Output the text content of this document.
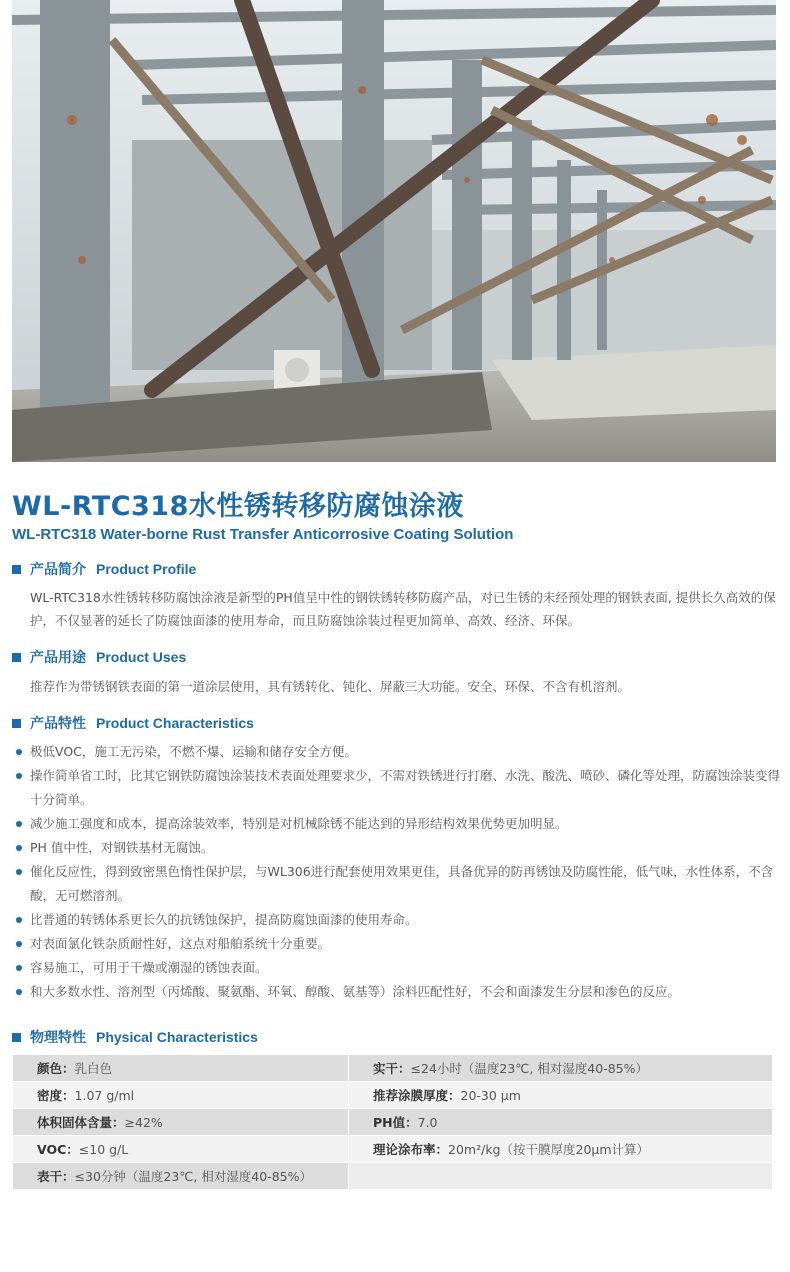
WL-RTC318水性锈转移防腐蚀涂液
WL-RTC318 Water-borne Rust Transfer Anticorrosive Coating Solution
产品简介 Product Profile

WL-RTC318水性锈转移防腐蚀涂液是新型的PH值呈中性的钢铁锈转移防腐产品，对已生锈的未经预处理的钢铁表面, 提供长久高效的保护，不仅显著的延长了防腐蚀面漆的使用寿命，而且防腐蚀涂装过程更加简单、高效、经济、环保。

产品用途 Product Uses

推荐作为带锈钢铁表面的第一道涂层使用，具有锈转化、钝化、屏蔽三大功能。安全、环保、不含有机溶剂。

产品特性 Product Characteristics
极低VOC，施工无污染，不燃不爆、运输和储存安全方便。
操作简单省工时，比其它钢铁防腐蚀涂装技术表面处理要求少，不需对铁锈进行打磨、水洗、酸洗、喷砂、磷化等处理，防腐蚀涂装变得十分简单。
减少施工强度和成本，提高涂装效率，特别是对机械除锈不能达到的异形结构效果优势更加明显。
PH 值中性，对钢铁基材无腐蚀。
催化反应性，得到致密黑色惰性保护层，与WL306进行配套使用效果更佳，具备优异的防再锈蚀及防腐性能，低气味，水性体系，不含酸，无可燃溶剂。
比普通的转锈体系更长久的抗锈蚀保护，提高防腐蚀面漆的使用寿命。
对表面氯化铁杂质耐性好，这点对船舶系统十分重要。
容易施工，可用于干燥或潮湿的锈蚀表面。
和大多数水性、溶剂型（丙烯酸、聚氨酯、环氧、醇酸、氨基等）涂料匹配性好，不会和面漆发生分层和渗色的反应。
物理特性 Physical Characteristics
颜色：乳白色	实干：≤24小时（温度23℃, 相对湿度40-85%）
密度：1.07 g/ml	推荐涂膜厚度：20-30 µm
体积固体含量：≥42%	PH值：7.0
VOC：≤10 g/L	理论涂布率：20m²/kg（按干膜厚度20µm计算）
表干：≤30分钟（温度23℃, 相对湿度40-85%）	
